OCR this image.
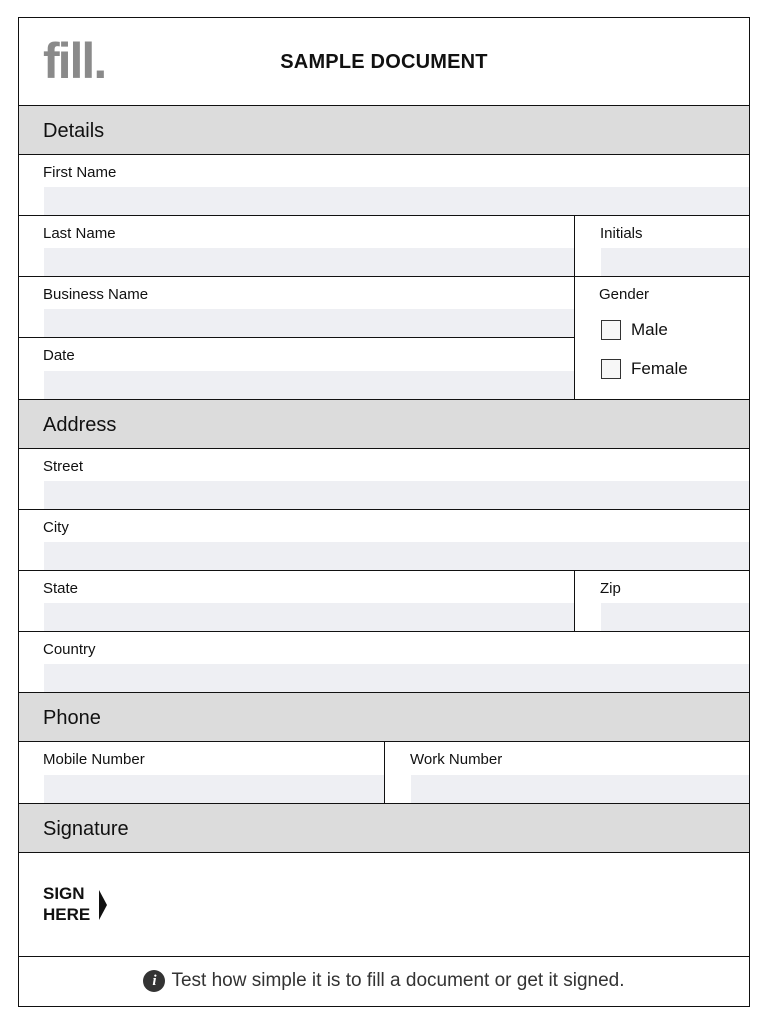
fill.	SAMPLE DOCUMENT
Details
First Name
Last Name	Initials
Business Name
Date
Gender
Male
Female
Address
Street
City
State	Zip
Country
Phone
Mobile Number	Work Number
Signature
SIGN
HERE
i Test how simple it is to fill a document or get it signed.
